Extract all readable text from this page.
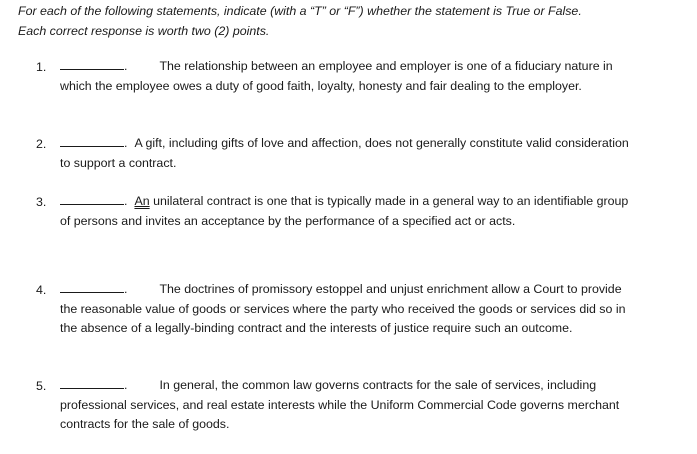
For each of the following statements, indicate (with a “T” or “F”) whether the statement is True or False.
Each correct response is worth two (2) points.
1.	.	The relationship between an employee and employer is one of a fiduciary nature in which the employee owes a duty of good faith, loyalty, honesty and fair dealing to the employer.

2.	. A gift, including gifts of love and affection, does not generally constitute valid consideration to support a contract.

3.	. An unilateral contract is one that is typically made in a general way to an identifiable group of persons and invites an acceptance by the performance of a specified act or acts.

4.	.	The doctrines of promissory estoppel and unjust enrichment allow a Court to provide the reasonable value of goods or services where the party who received the goods or services did so in the absence of a legally-binding contract and the interests of justice require such an outcome.

5.	.	In general, the common law governs contracts for the sale of services, including professional services, and real estate interests while the Uniform Commercial Code governs merchant contracts for the sale of goods.
